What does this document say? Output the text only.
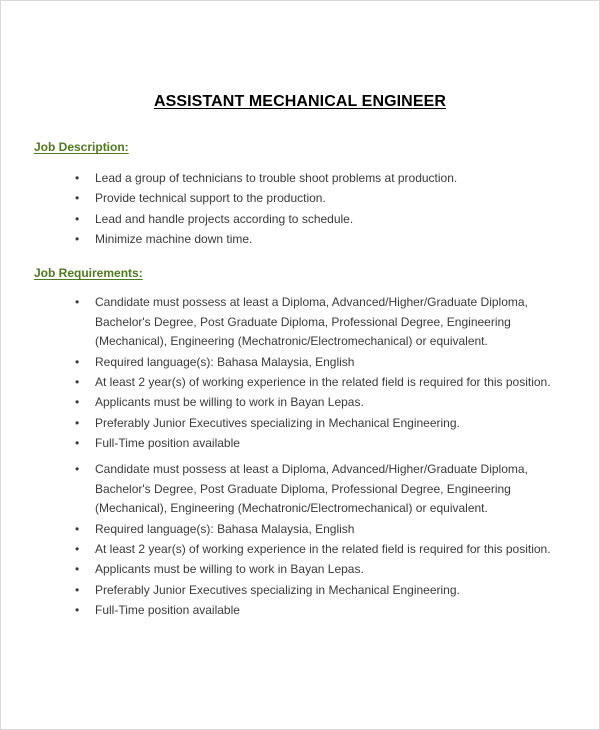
ASSISTANT MECHANICAL ENGINEER
Job Description:
• Lead a group of technicians to trouble shoot problems at production.
• Provide technical support to the production.
• Lead and handle projects according to schedule.
• Minimize machine down time.
Job Requirements:
• Candidate must possess at least a Diploma, Advanced/Higher/Graduate Diploma, Bachelor's Degree, Post Graduate Diploma, Professional Degree, Engineering (Mechanical), Engineering (Mechatronic/Electromechanical) or equivalent.
• Required language(s): Bahasa Malaysia, English
• At least 2 year(s) of working experience in the related field is required for this position.
• Applicants must be willing to work in Bayan Lepas.
• Preferably Junior Executives specializing in Mechanical Engineering.
• Full-Time position available
• Candidate must possess at least a Diploma, Advanced/Higher/Graduate Diploma, Bachelor's Degree, Post Graduate Diploma, Professional Degree, Engineering (Mechanical), Engineering (Mechatronic/Electromechanical) or equivalent.
• Required language(s): Bahasa Malaysia, English
• At least 2 year(s) of working experience in the related field is required for this position.
• Applicants must be willing to work in Bayan Lepas.
• Preferably Junior Executives specializing in Mechanical Engineering.
• Full-Time position available
